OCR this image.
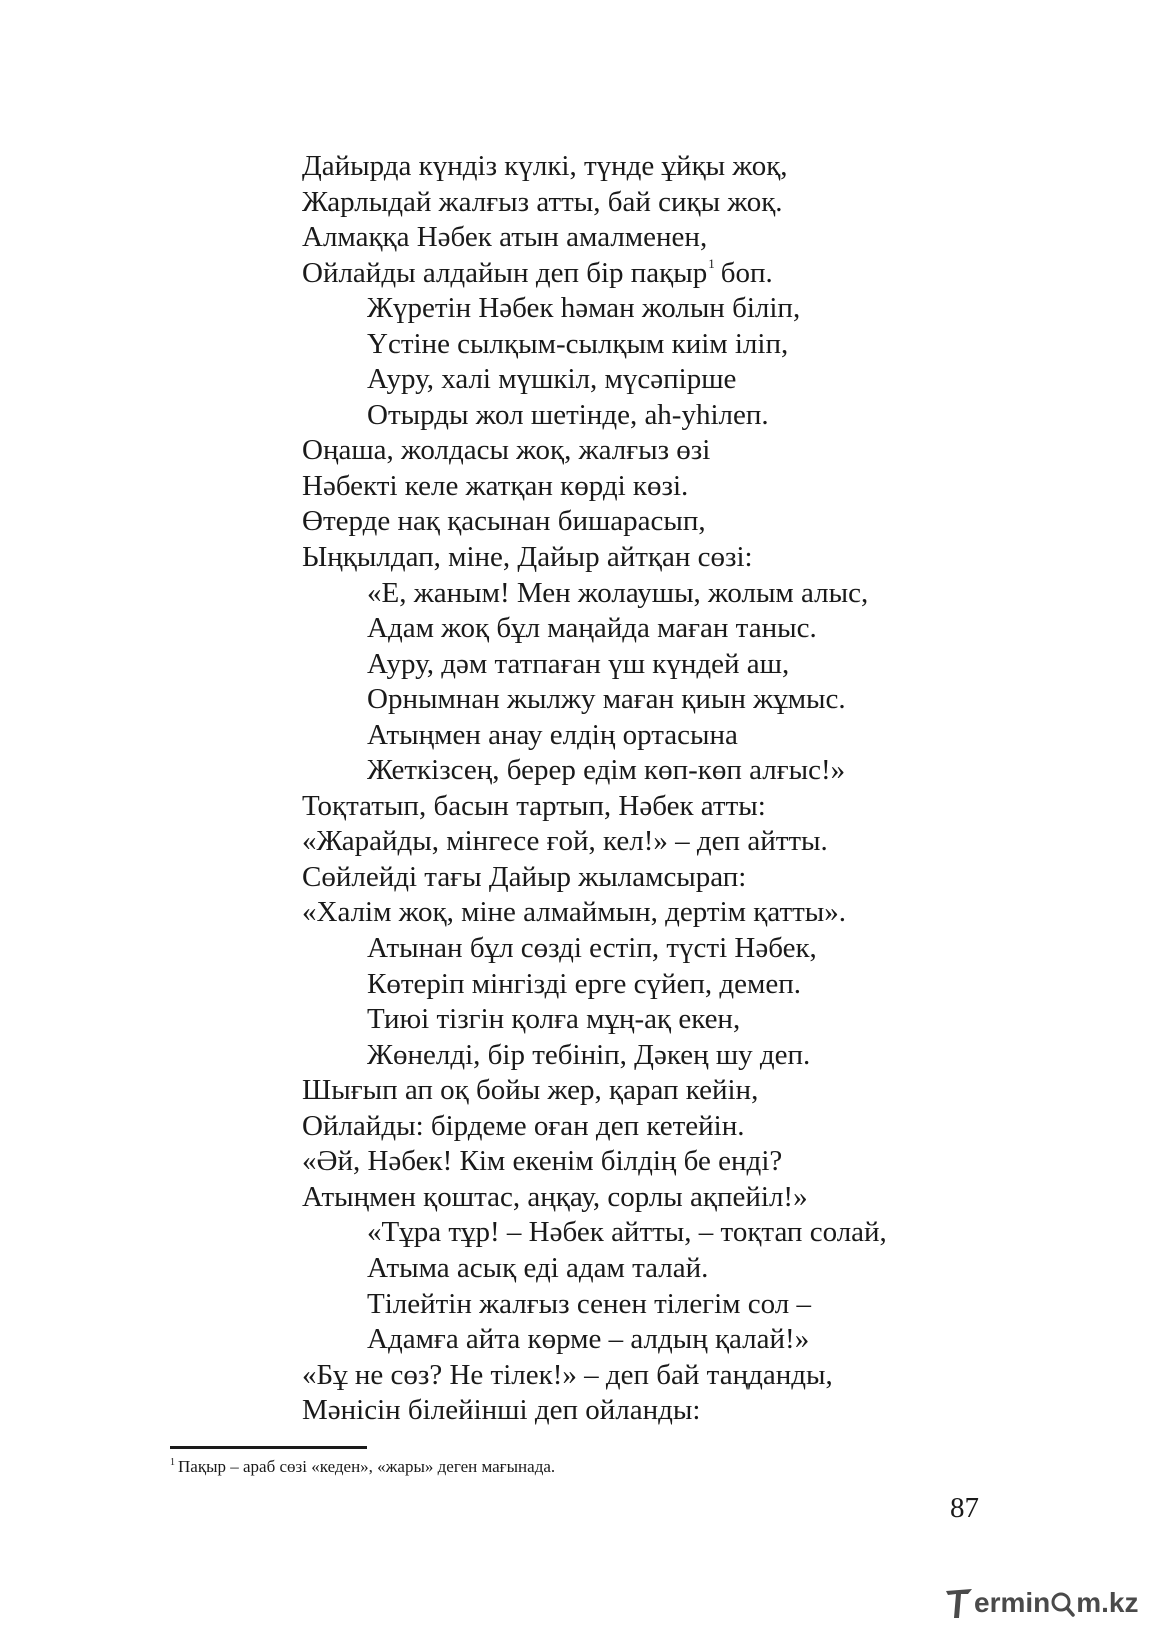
Дайырда күндіз күлкі, түнде ұйқы жоқ,
Жарлыдай жалғыз атты, бай сиқы жоқ.
Алмаққа Нәбек атын амалменен,
Ойлайды алдайын деп бір пақыр$^1$ боп.
Жүретін Нәбек һәман жолын біліп,
Үстіне сылқым-сылқым киім іліп,
Ауру, халі мүшкіл, мүсәпірше
Отырды жол шетінде, аһ-уһілеп.
Оңаша, жолдасы жоқ, жалғыз өзі
Нәбекті келе жатқан көрді көзі.
Өтерде нақ қасынан бишарасып,
Ыңқылдап, міне, Дайыр айтқан сөзі:
«Е, жаным! Мен жолаушы, жолым алыс,
Адам жоқ бұл маңайда маған таныс.
Ауру, дәм татпаған үш күндей аш,
Орнымнан жылжу маған қиын жұмыс.
Атыңмен анау елдің ортасына
Жеткізсең, берер едім көп-көп алғыс!»
Тоқтатып, басын тартып, Нәбек атты:
«Жарайды, мінгесе ғой, кел!» – деп айтты.
Сөйлейді тағы Дайыр жыламсырап:
«Халім жоқ, міне алмаймын, дертім қатты».
Атынан бұл сөзді естіп, түсті Нәбек,
Көтеріп мінгізді ерге сүйеп, демеп.
Тиюі тізгін қолға мұң-ақ екен,
Жөнелді, бір тебініп, Дәкең шу деп.
Шығып ап оқ бойы жер, қарап кейін,
Ойлайды: бірдеме оған деп кетейін.
«Әй, Нәбек! Кім екенім білдің бе енді?
Атыңмен қоштас, аңқау, сорлы ақпейіл!»
«Тұра тұр! – Нәбек айтты, – тоқтап солай,
Атыма асық еді адам талай.
Тілейтін жалғыз сенен тілегім сол –
Адамға айта көрме – алдың қалай!»
«Бұ не сөз? Не тілек!» – деп бай таңданды,
Мәнісін білейінші деп ойланды:
$^1$ Пақыр – араб сөзі «кеден», «жары» деген мағынада.
87
ermin m.kz
